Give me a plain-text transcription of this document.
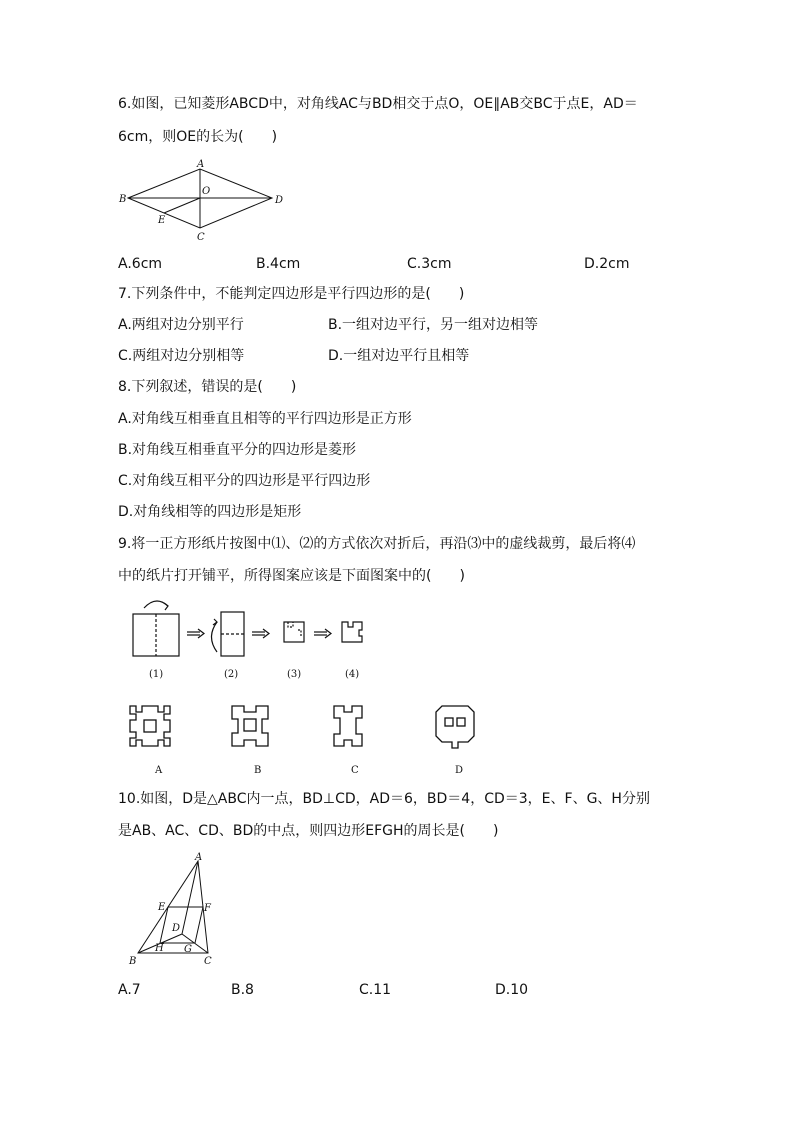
6.如图，已知菱形ABCD中，对角线AC与BD相交于点O，OE∥AB交BC于点E，AD＝
6cm，则OE的长为(　　)
A
B
C
D
O
E
A.6cm	B.4cm	C.3cm	D.2cm
7.下列条件中，不能判定四边形是平行四边形的是(　　)
A.两组对边分别平行	B.一组对边平行，另一组对边相等
C.两组对边分别相等	D.一组对边平行且相等
8.下列叙述，错误的是(　　)
A.对角线互相垂直且相等的平行四边形是正方形
B.对角线互相垂直平分的四边形是菱形
C.对角线互相平分的四边形是平行四边形
D.对角线相等的四边形是矩形
9.将一正方形纸片按图中⑴、⑵的方式依次对折后，再沿⑶中的虚线裁剪，最后将⑷
中的纸片打开铺平，所得图案应该是下面图案中的(　　)
(1)	(2)	(3)	(4)
A	B	C	D
10.如图，D是△ABC内一点，BD⊥CD，AD＝6，BD＝4，CD＝3，E、F、G、H分别
是AB、AC、CD、BD的中点，则四边形EFGH的周长是(　　)
A
B	C
D
E	F
G
H
A.7	B.8	C.11	D.10
